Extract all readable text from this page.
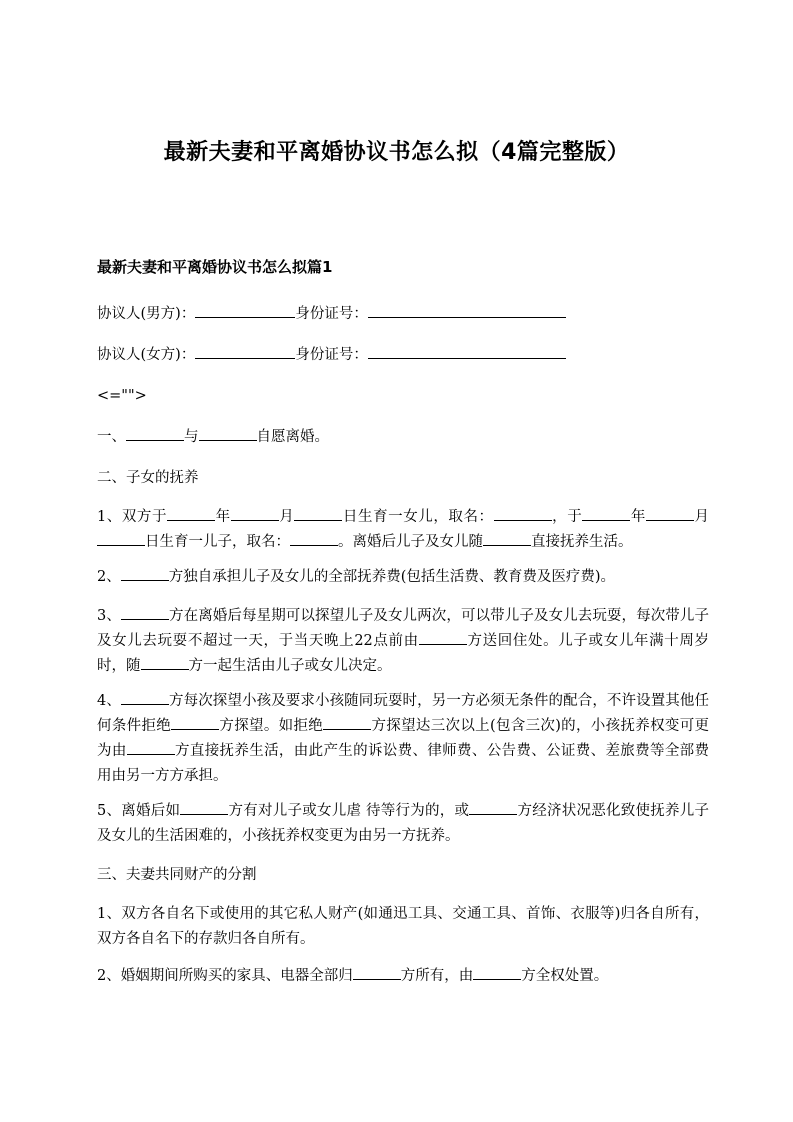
最新夫妻和平离婚协议书怎么拟（4篇完整版）
最新夫妻和平离婚协议书怎么拟篇1
协议人(男方)：	身份证号：
协议人(女方)：	身份证号：
<="">
一、	与	自愿离婚。
二、子女的抚养
1、双方于	年	月	日生育一女儿，取名：	，于	年	月日生育一儿子，取名：	。离婚后儿子及女儿随	直接抚养生活。
2、	方独自承担儿子及女儿的全部抚养费(包括生活费、教育费及医疗费)。
3、	方在离婚后每星期可以探望儿子及女儿两次，可以带儿子及女儿去玩耍，每次带儿子及女儿去玩耍不超过一天，于当天晚上22点前由	方送回住处。儿子或女儿年满十周岁时，随	方一起生活由儿子或女儿决定。
4、	方每次探望小孩及要求小孩随同玩耍时，另一方必须无条件的配合，不许设置其他任何条件拒绝	方探望。如拒绝	方探望达三次以上(包含三次)的，小孩抚养权变可更为由	方直接抚养生活，由此产生的诉讼费、律师费、公告费、公证费、差旅费等全部费用由另一方方承担。
5、离婚后如	方有对儿子或女儿虐 待等行为的，或	方经济状况恶化致使抚养儿子及女儿的生活困难的，小孩抚养权变更为由另一方抚养。
三、夫妻共同财产的分割
1、双方各自名下或使用的其它私人财产(如通迅工具、交通工具、首饰、衣服等)归各自所有，双方各自名下的存款归各自所有。
2、婚姻期间所购买的家具、电器全部归	方所有，由	方全权处置。
